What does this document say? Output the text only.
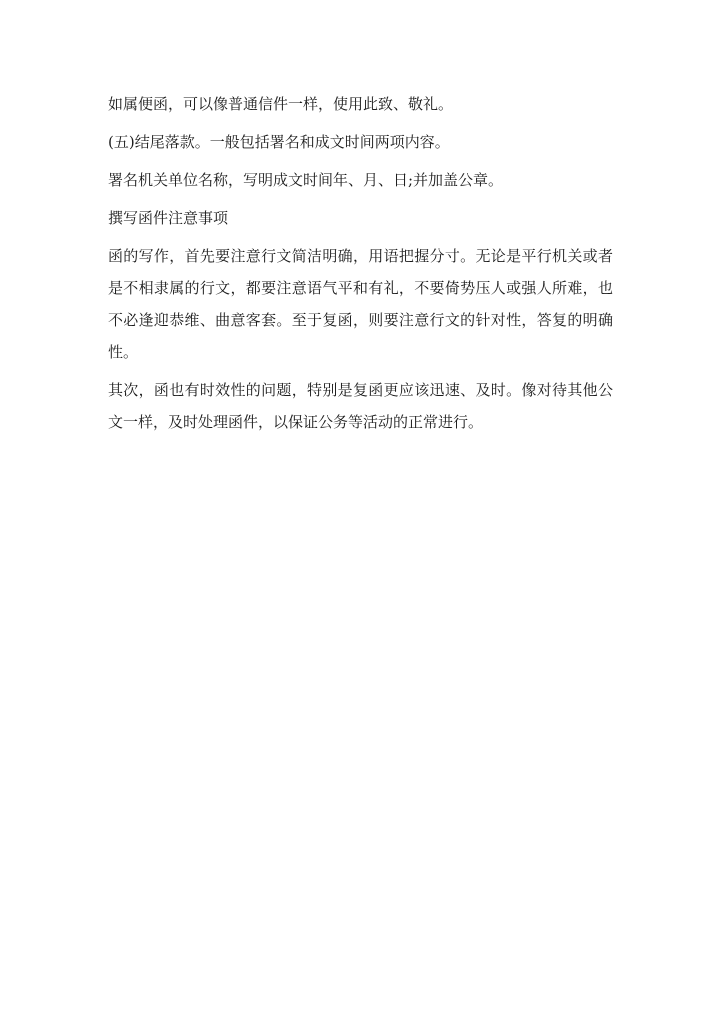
如属便函，可以像普通信件一样，使用此致、敬礼。

(五)结尾落款。一般包括署名和成文时间两项内容。

署名机关单位名称，写明成文时间年、月、日;并加盖公章。

撰写函件注意事项

函的写作，首先要注意行文简洁明确，用语把握分寸。无论是平行机关或者是不相隶属的行文，都要注意语气平和有礼，不要倚势压人或强人所难，也不必逢迎恭维、曲意客套。至于复函，则要注意行文的针对性，答复的明确性。

其次，函也有时效性的问题，特别是复函更应该迅速、及时。像对待其他公文一样，及时处理函件，以保证公务等活动的正常进行。
